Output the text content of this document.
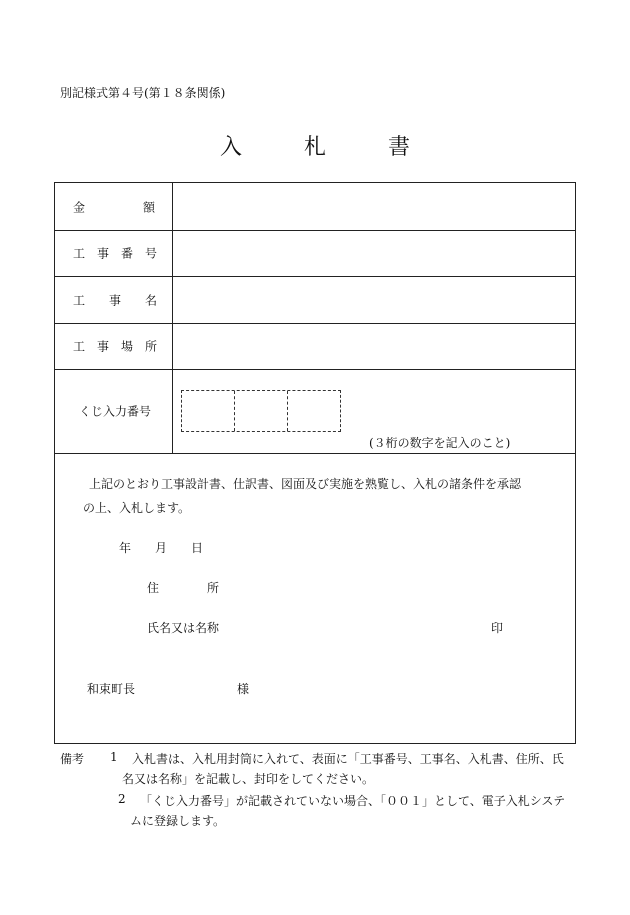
別記様式第４号(第１８条関係)
入	札	書
金	額
工 事 番 号
工 事 名
工 事 場 所
くじ入力番号
(３桁の数字を記入のこと)
上記のとおり工事設計書、仕訳書、図面及び実施を熟覧し、入札の諸条件を承認
の上、入札します。
年 月 日
住	所
氏名又は名称	印
和束町長	様
備考 1 入札書は、入札用封筒に入れて、表面に「工事番号、工事名、入札書、住所、氏
名又は名称」を記載し、封印をしてください。
2 「くじ入力番号」が記載されていない場合、「００１」として、電子入札システ
ムに登録します。
